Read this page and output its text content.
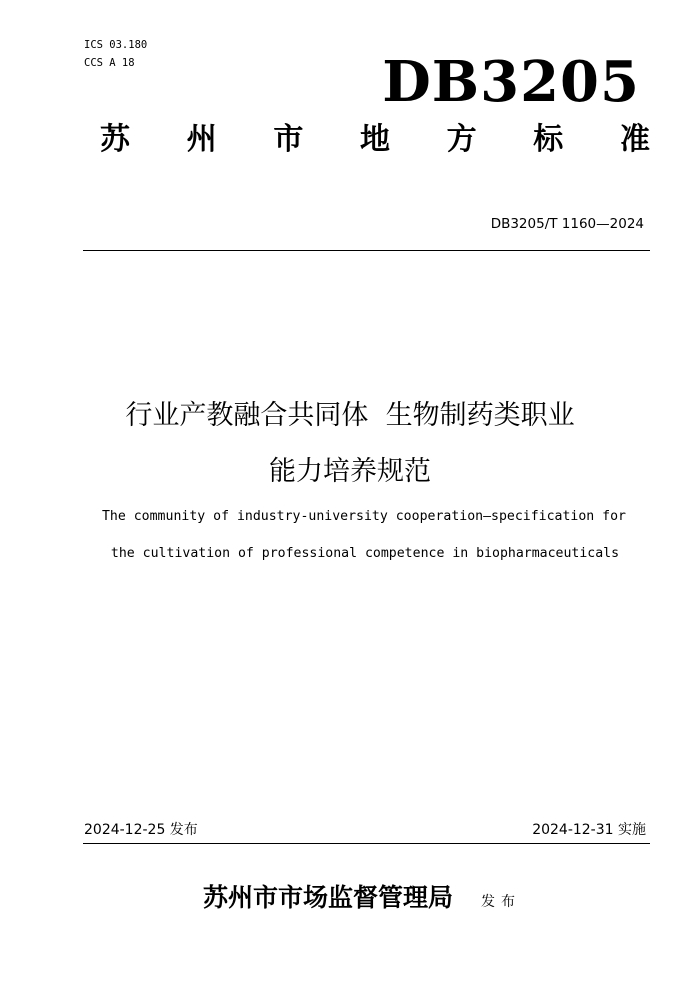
ICS 03.180
CCS A 18	DB3205
苏 州 市 地 方 标 准
DB3205/T 1160—2024
行业产教融合共同体  生物制药类职业
能力培养规范
The community of industry-university cooperation—specification for
the cultivation of professional competence in biopharmaceuticals
2024-12-25 发布	2024-12-31 实施
苏州市市场监督管理局 发布
